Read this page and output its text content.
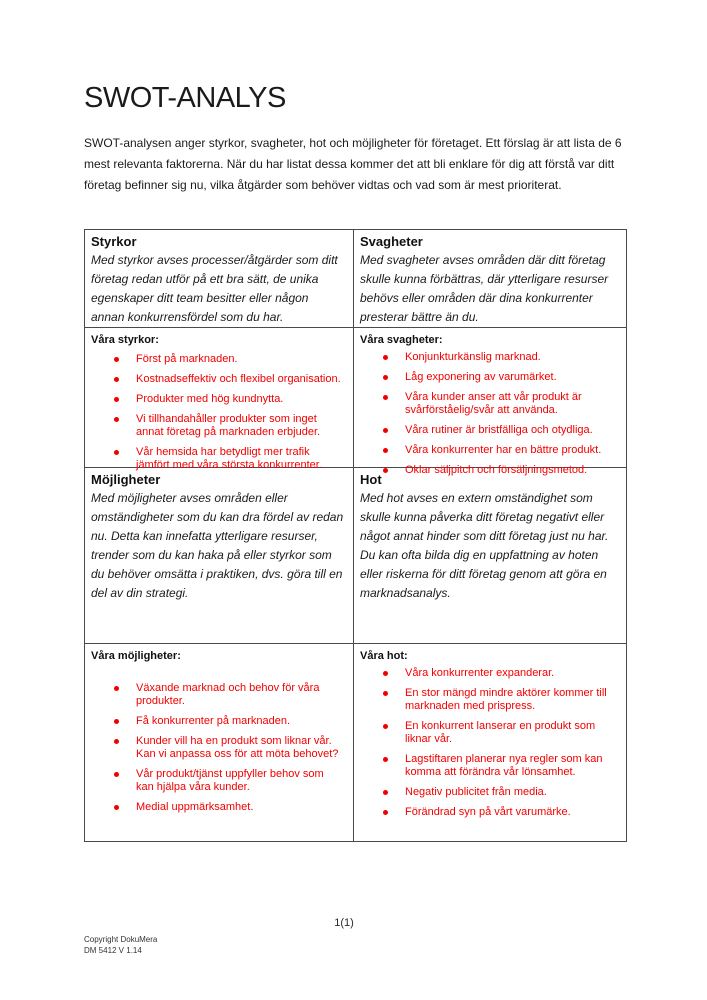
SWOT-ANALYS

SWOT-analysen anger styrkor, svagheter, hot och möjligheter för företaget. Ett förslag är att lista de 6 mest relevanta faktorerna. När du har listat dessa kommer det att bli enklare för dig att förstå var ditt företag befinner sig nu, vilka åtgärder som behöver vidtas och vad som är mest prioriterat.

Styrkor

Med styrkor avses processer/åtgärder som ditt företag redan utför på ett bra sätt, de unika egenskaper ditt team besitter eller någon annan konkurrensfördel som du har.

Svagheter

Med svagheter avses områden där ditt företag skulle kunna förbättras, där ytterligare resurser behövs eller områden där dina konkurrenter presterar bättre än du.

Våra styrkor:
Först på marknaden.
Kostnadseffektiv och flexibel organisation.
Produkter med hög kundnytta.
Vi tillhandahåller produkter som inget annat företag på marknaden erbjuder.
Vår hemsida har betydligt mer trafik jämfört med våra största konkurrenter.
Våra svagheter:
Konjunkturkänslig marknad.
Låg exponering av varumärket.
Våra kunder anser att vår produkt är svårförståelig/svår att använda.
Våra rutiner är bristfälliga och otydliga.
Våra konkurrenter har en bättre produkt.
Oklar säljpitch och försäljningsmetod.
Möjligheter

Med möjligheter avses områden eller omständigheter som du kan dra fördel av redan nu. Detta kan innefatta ytterligare resurser, trender som du kan haka på eller styrkor som du behöver omsätta i praktiken, dvs. göra till en del av din strategi.

Hot

Med hot avses en extern omständighet som skulle kunna påverka ditt företag negativt eller något annat hinder som ditt företag just nu har. Du kan ofta bilda dig en uppfattning av hoten eller riskerna för ditt företag genom att göra en marknadsanalys.

Våra möjligheter:
Växande marknad och behov för våra produkter.
Få konkurrenter på marknaden.
Kunder vill ha en produkt som liknar vår. Kan vi anpassa oss för att möta behovet?
Vår produkt/tjänst uppfyller behov som kan hjälpa våra kunder.
Medial uppmärksamhet.
Våra hot:
Våra konkurrenter expanderar.
En stor mängd mindre aktörer kommer till marknaden med prispress.
En konkurrent lanserar en produkt som liknar vår.
Lagstiftaren planerar nya regler som kan komma att förändra vår lönsamhet.
Negativ publicitet från media.
Förändrad syn på vårt varumärke.
1(1)
Copyright DokuMera
DM 5412 V 1.14
